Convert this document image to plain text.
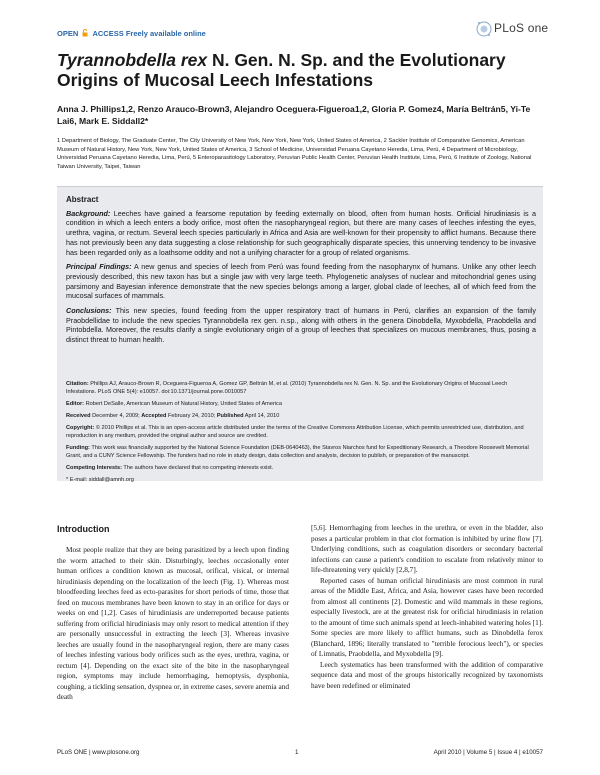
OPEN ACCESS Freely available online	PLoS one
Tyrannobdella rex N. Gen. N. Sp. and the Evolutionary Origins of Mucosal Leech Infestations
Anna J. Phillips1,2, Renzo Arauco-Brown3, Alejandro Oceguera-Figueroa1,2, Gloria P. Gomez4, María Beltrán5, Yi-Te Lai6, Mark E. Siddall2*
1 Department of Biology, The Graduate Center, The City University of New York, New York, New York, United States of America, 2 Sackler Institute of Comparative Genomics, American Museum of Natural History, New York, New York, United States of America, 3 School of Medicine, Universidad Peruana Cayetano Heredia, Lima, Perú, 4 Department of Microbiology, Universidad Peruana Cayetano Heredia, Lima, Perú, 5 Enteroparasitology Laboratory, Peruvian Public Health Center, Peruvian Health Institute, Lima, Perú, 6 Institute of Zoology, National Taiwan University, Taipei, Taiwan
Abstract

Background: Leeches have gained a fearsome reputation by feeding externally on blood, often from human hosts. Orificial hirudiniasis is a condition in which a leech enters a body orifice, most often the nasopharyngeal region, but there are many cases of leeches infesting the eyes, urethra, vagina, or rectum. Several leech species particularly in Africa and Asia are well-known for their propensity to afflict humans. Because there has not previously been any data suggesting a close relationship for such geographically disparate species, this unnerving tendency to be invasive has been regarded only as a loathsome oddity and not a unifying character for a group of related organisms.

Principal Findings: A new genus and species of leech from Perú was found feeding from the nasopharynx of humans. Unlike any other leech previously described, this new taxon has but a single jaw with very large teeth. Phylogenetic analyses of nuclear and mitochondrial genes using parsimony and Bayesian inference demonstrate that the new species belongs among a larger, global clade of leeches, all of which feed from the mucosal surfaces of mammals.

Conclusions: This new species, found feeding from the upper respiratory tract of humans in Perú, clarifies an expansion of the family Praobdellidae to include the new species Tyrannobdella rex gen. n.sp., along with others in the genera Dinobdella, Myxobdella, Praobdella and Pintobdella. Moreover, the results clarify a single evolutionary origin of a group of leeches that specializes on mucous membranes, thus, posing a distinct threat to human health.

Citation: Phillips AJ, Arauco-Brown R, Oceguera-Figueroa A, Gomez GP, Beltrán M, et al. (2010) Tyrannobdella rex N. Gen. N. Sp. and the Evolutionary Origins of Mucosal Leech Infestations. PLoS ONE 5(4): e10057. doi:10.1371/journal.pone.0010057
Editor: Robert DeSalle, American Museum of Natural History, United States of America
Received December 4, 2009; Accepted February 24, 2010; Published April 14, 2010
Copyright: © 2010 Phillips et al. This is an open-access article distributed under the terms of the Creative Commons Attribution License, which permits unrestricted use, distribution, and reproduction in any medium, provided the original author and source are credited.
Funding: This work was financially supported by the National Science Foundation (DEB-0640463), the Stavros Niarchos fund for Expeditionary Research, a Theodore Roosevelt Memorial Grant, and a CUNY Science Fellowship. The funders had no role in study design, data collection and analysis, decision to publish, or preparation of the manuscript.
Competing Interests: The authors have declared that no competing interests exist.
* E-mail: siddall@amnh.org
Introduction

Most people realize that they are being parasitized by a leech upon finding the worm attached to their skin. Disturbingly, leeches occasionally enter human orifices a condition known as mucosal, orifical, visical, or internal hirudiniasis depending on the localization of the leech (Fig. 1). Whereas most bloodfeeding leeches feed as ecto-parasites for short periods of time, those that feed on mucous membranes have been known to stay in an orifice for days or weeks on end [1,2]. Cases of hirudiniasis are underreported because patients suffering from orificial hirudiniasis may only resort to medical attention if they are personally unsuccessful in extracting the leech [3]. Whereas invasive leeches are usually found in the nasopharyngeal region, there are many cases of leeches infesting various body orifices such as the eyes, urethra, vagina, or rectum [4]. Depending on the exact site of the bite in the nasopharyngeal region, symptoms may include hemorrhaging, hemoptysis, dysphonia, coughing, a tickling sensation, dyspnea or, in extreme cases, severe anemia and death

[5,6]. Hemorrhaging from leeches in the urethra, or even in the bladder, also poses a particular problem in that clot formation is inhibited by urine flow [7]. Underlying conditions, such as coagulation disorders or secondary bacterial infections can cause a patient's condition to escalate from relatively minor to life-threatening very quickly [2,8,7].

Reported cases of human orificial hirudiniasis are most common in rural areas of the Middle East, Africa, and Asia, however cases have been recorded from almost all continents [2]. Domestic and wild mammals in these regions, especially livestock, are at the greatest risk for orificial hirudiniasis in relation to the amount of time such animals spend at leech-inhabited watering holes [1]. Some species are more likely to afflict humans, such as Dinobdella ferox (Blanchard, 1896; literally translated to "terrible ferocious leech"), or species of Limnatis, Praobdella, and Myxobdella [9].

Leech systematics has been transformed with the addition of comparative sequence data and most of the groups historically recognized by taxonomists have been redefined or eliminated

PLoS ONE | www.plosone.org	1	April 2010 | Volume 5 | Issue 4 | e10057
